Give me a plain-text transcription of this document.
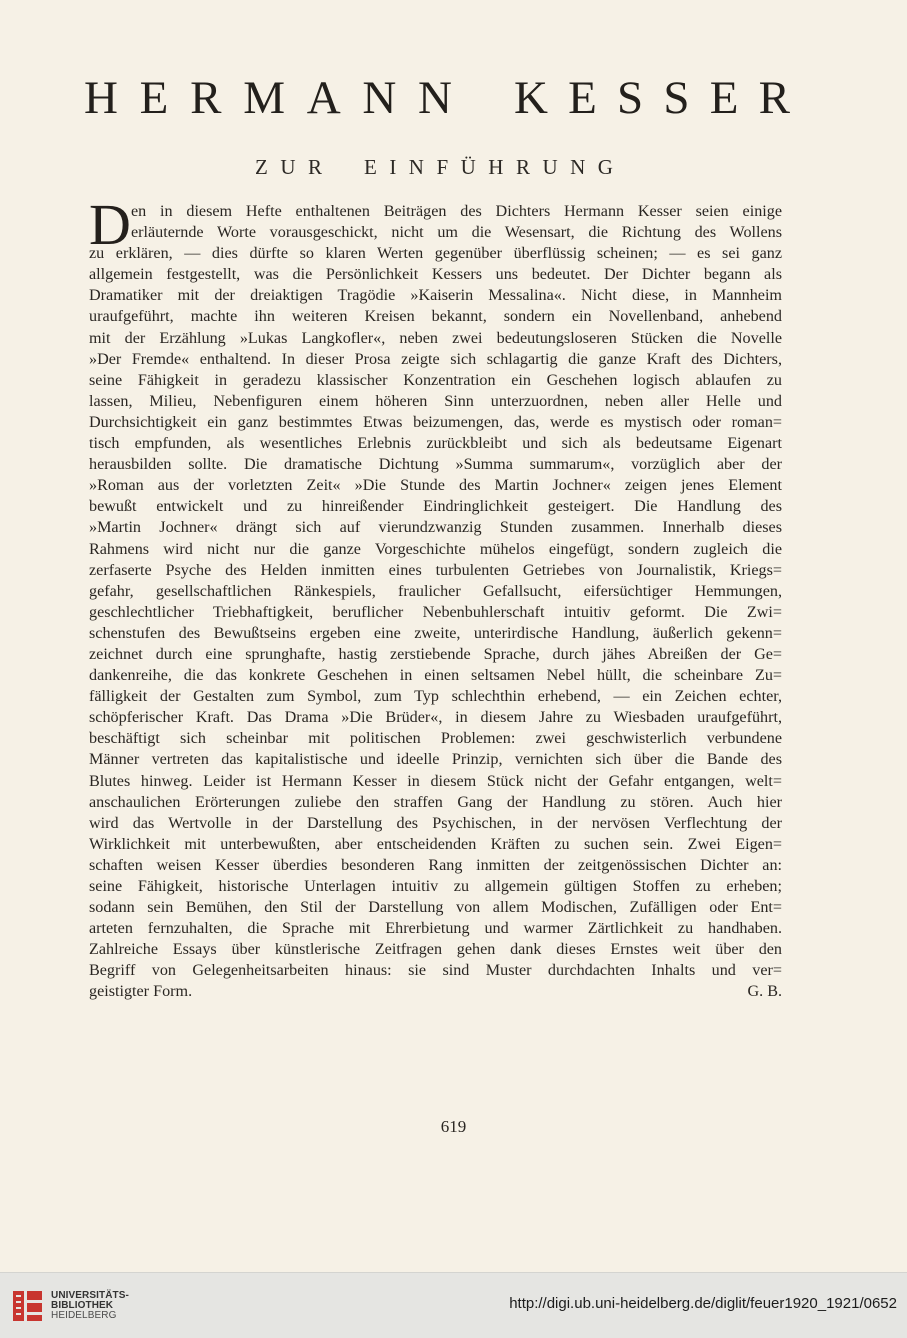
H E R M A N N K E S S E R
Z U R E I N F Ü H R U N G
D en in diesem Hefte enthaltenen Beiträgen des Dichters Hermann Kesser seien einige
erläuternde Worte vorausgeschickt, nicht um die Wesensart, die Richtung des Wollens
zu erklären, — dies dürfte so klaren Werten gegenüber überflüssig scheinen; — es sei ganz
allgemein festgestellt, was die Persönlichkeit Kessers uns bedeutet. Der Dichter begann als
Dramatiker mit der dreiaktigen Tragödie »Kaiserin Messalina«. Nicht diese, in Mannheim
uraufgeführt, machte ihn weiteren Kreisen bekannt, sondern ein Novellenband, anhebend
mit der Erzählung »Lukas Langkofler«, neben zwei bedeutungsloseren Stücken die Novelle
»Der Fremde« enthaltend. In dieser Prosa zeigte sich schlagartig die ganze Kraft des Dichters,
seine Fähigkeit in geradezu klassischer Konzentration ein Geschehen logisch ablaufen zu
lassen, Milieu, Nebenfiguren einem höheren Sinn unterzuordnen, neben aller Helle und
Durchsichtigkeit ein ganz bestimmtes Etwas beizumengen, das, werde es mystisch oder roman=
tisch empfunden, als wesentliches Erlebnis zurückbleibt und sich als bedeutsame Eigenart
herausbilden sollte. Die dramatische Dichtung »Summa summarum«, vorzüglich aber der
»Roman aus der vorletzten Zeit« »Die Stunde des Martin Jochner« zeigen jenes Element
bewußt entwickelt und zu hinreißender Eindringlichkeit gesteigert. Die Handlung des
»Martin Jochner« drängt sich auf vierundzwanzig Stunden zusammen. Innerhalb dieses
Rahmens wird nicht nur die ganze Vorgeschichte mühelos eingefügt, sondern zugleich die
zerfaserte Psyche des Helden inmitten eines turbulenten Getriebes von Journalistik, Kriegs=
gefahr, gesellschaftlichen Ränkespiels, fraulicher Gefallsucht, eifersüchtiger Hemmungen,
geschlechtlicher Triebhaftigkeit, beruflicher Nebenbuhlerschaft intuitiv geformt. Die Zwi=
schenstufen des Bewußtseins ergeben eine zweite, unterirdische Handlung, äußerlich gekenn=
zeichnet durch eine sprunghafte, hastig zerstiebende Sprache, durch jähes Abreißen der Ge=
dankenreihe, die das konkrete Geschehen in einen seltsamen Nebel hüllt, die scheinbare Zu=
fälligkeit der Gestalten zum Symbol, zum Typ schlechthin erhebend, — ein Zeichen echter,
schöpferischer Kraft. Das Drama »Die Brüder«, in diesem Jahre zu Wiesbaden uraufgeführt,
beschäftigt sich scheinbar mit politischen Problemen: zwei geschwisterlich verbundene
Männer vertreten das kapitalistische und ideelle Prinzip, vernichten sich über die Bande des
Blutes hinweg. Leider ist Hermann Kesser in diesem Stück nicht der Gefahr entgangen, welt=
anschaulichen Erörterungen zuliebe den straffen Gang der Handlung zu stören. Auch hier
wird das Wertvolle in der Darstellung des Psychischen, in der nervösen Verflechtung der
Wirklichkeit mit unterbewußten, aber entscheidenden Kräften zu suchen sein. Zwei Eigen=
schaften weisen Kesser überdies besonderen Rang inmitten der zeitgenössischen Dichter an:
seine Fähigkeit, historische Unterlagen intuitiv zu allgemein gültigen Stoffen zu erheben;
sodann sein Bemühen, den Stil der Darstellung von allem Modischen, Zufälligen oder Ent=
arteten fernzuhalten, die Sprache mit Ehrerbietung und warmer Zärtlichkeit zu handhaben.
Zahlreiche Essays über künstlerische Zeitfragen gehen dank dieses Ernstes weit über den
Begriff von Gelegenheitsarbeiten hinaus: sie sind Muster durchdachten Inhalts und ver=
geistigter Form.	G. B.
619
UNIVERSITÄTS-
BIBLIOTHEK
HEIDELBERG
http://digi.ub.uni-heidelberg.de/diglit/feuer1920_1921/0652
